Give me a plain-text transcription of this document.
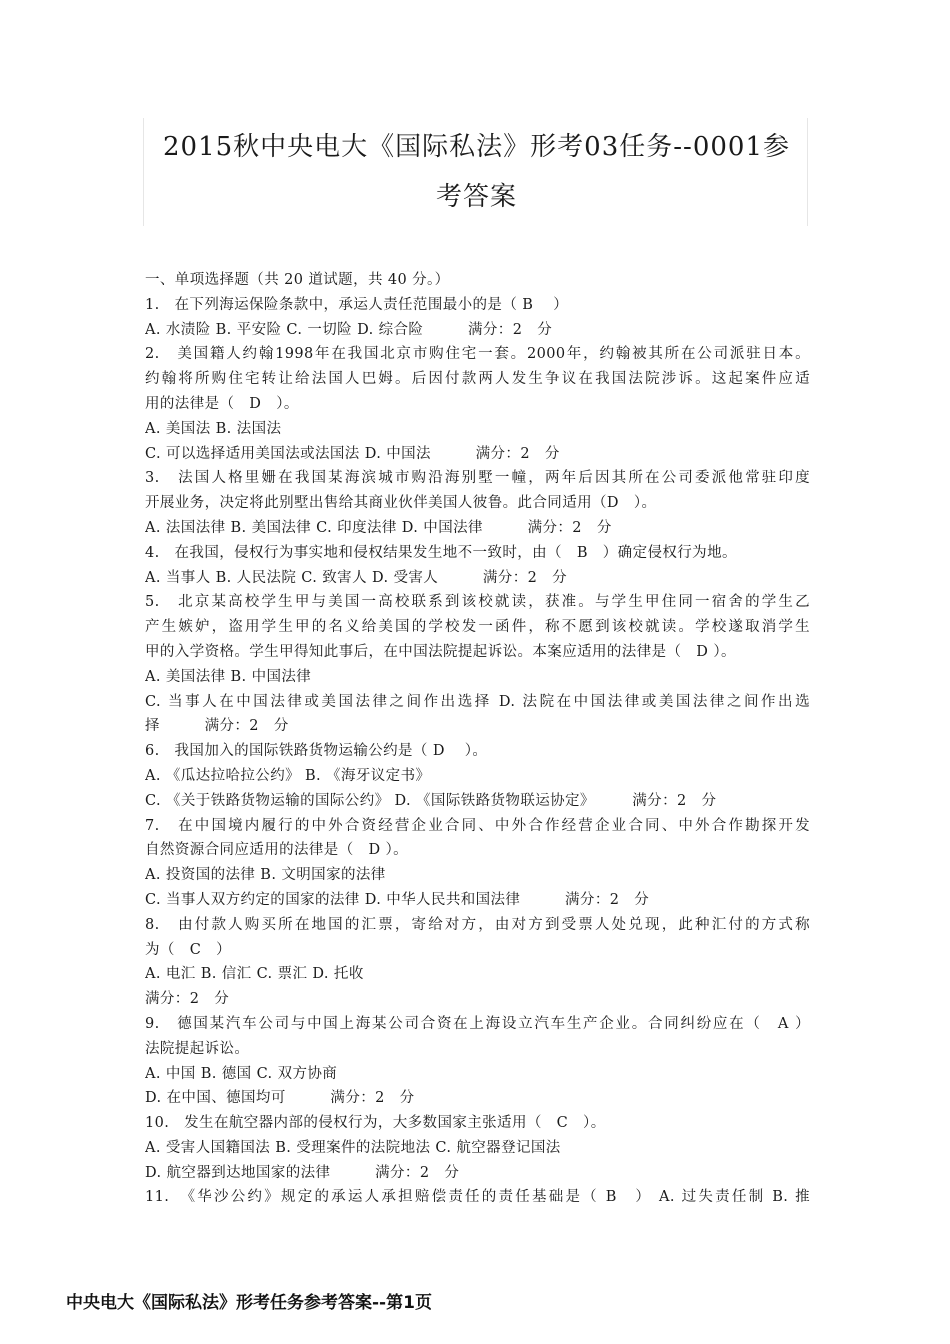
2015秋中央电大《国际私法》形考03任务--0001参
考答案
一、单项选择题（共 20 道试题，共 40 分。）
1.　在下列海运保险条款中，承运人责任范围最小的是（ B　 ）
A. 水渍险 B. 平安险 C. 一切险 D. 综合险　　　满分：2　分
2.　美国籍人约翰1998年在我国北京市购住宅一套。2000年，约翰被其所在公司派驻日本。
约翰将所购住宅转让给法国人巴姆。后因付款两人发生争议在我国法院涉诉。这起案件应适
用的法律是（　D　）。
A. 美国法 B. 法国法
C. 可以选择适用美国法或法国法 D. 中国法　　　满分：2　分
3.　法国人格里姗在我国某海滨城市购沿海别墅一幢，两年后因其所在公司委派他常驻印度
开展业务，决定将此别墅出售给其商业伙伴美国人彼鲁。此合同适用（D　）。
A. 法国法律 B. 美国法律 C. 印度法律 D. 中国法律　　　满分：2　分
4.　在我国，侵权行为事实地和侵权结果发生地不一致时，由（　B　）确定侵权行为地。
A. 当事人 B. 人民法院 C. 致害人 D. 受害人　　　满分：2　分
5.　北京某高校学生甲与美国一高校联系到该校就读，获准。与学生甲住同一宿舍的学生乙
产生嫉妒，盗用学生甲的名义给美国的学校发一函件，称不愿到该校就读。学校遂取消学生
甲的入学资格。学生甲得知此事后，在中国法院提起诉讼。本案应适用的法律是（　D ）。
A. 美国法律 B. 中国法律
C. 当事人在中国法律或美国法律之间作出选择 D. 法院在中国法律或美国法律之间作出选
择　　　满分：2　分
6.　我国加入的国际铁路货物运输公约是（ D　 ）。
A. 《瓜达拉哈拉公约》 B. 《海牙议定书》
C. 《关于铁路货物运输的国际公约》 D. 《国际铁路货物联运协定》　　　满分：2　分
7.　在中国境内履行的中外合资经营企业合同、中外合作经营企业合同、中外合作勘探开发
自然资源合同应适用的法律是（　D ）。
A. 投资国的法律 B. 文明国家的法律
C. 当事人双方约定的国家的法律 D. 中华人民共和国法律　　　满分：2　分
8.　由付款人购买所在地国的汇票，寄给对方，由对方到受票人处兑现，此种汇付的方式称
为（　C　）
A. 电汇 B. 信汇 C. 票汇 D. 托收
满分：2　分
9.　德国某汽车公司与中国上海某公司合资在上海设立汽车生产企业。合同纠纷应在（　A ）
法院提起诉讼。
A. 中国 B. 德国 C. 双方协商
D. 在中国、德国均可　　　满分：2　分
10.　发生在航空器内部的侵权行为，大多数国家主张适用（　C　）。
A. 受害人国籍国法 B. 受理案件的法院地法 C. 航空器登记国法
D. 航空器到达地国家的法律　　　满分：2　分
11.　《华沙公约》规定的承运人承担赔偿责任的责任基础是（ B　） A. 过失责任制 B. 推
中央电大《国际私法》形考任务参考答案--第1页
